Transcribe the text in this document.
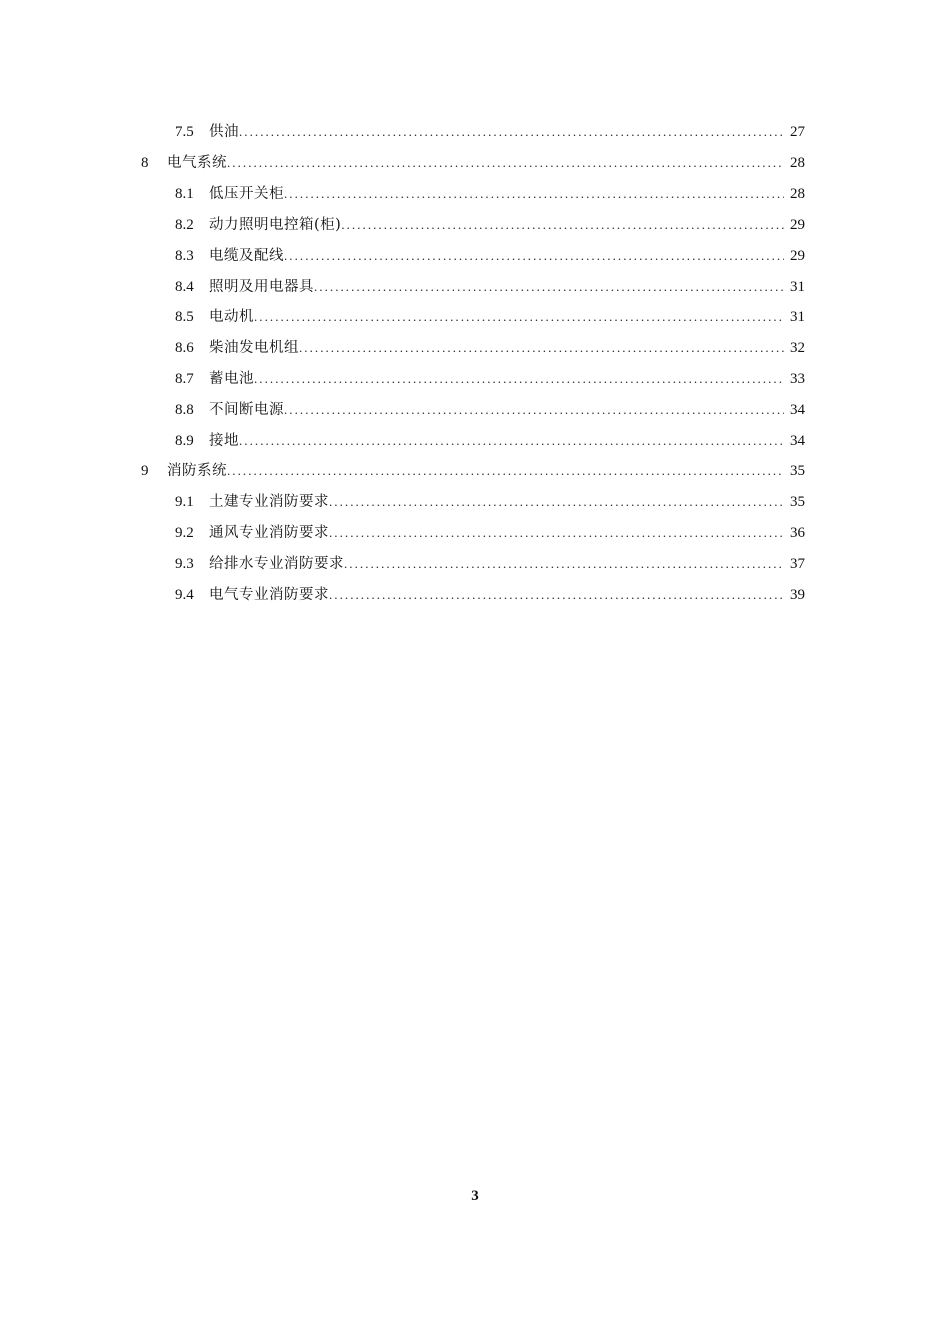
7.5	供油 . . .	27
8	电气系统 . . .	28
8.1	低压开关柜 . . .	28
8.2	动力照明电控箱(柜) . . .	29
8.3	电缆及配线 . . .	29
8.4	照明及用电器具 . . .	31
8.5	电动机 . . .	31
8.6	柴油发电机组 . . .	32
8.7	蓄电池 . . .	33
8.8	不间断电源 . . .	34
8.9	接地 . . .	34
9	消防系统 . . .	35
9.1	土建专业消防要求 . . .	35
9.2	通风专业消防要求 . . .	36
9.3	给排水专业消防要求 . . .	37
9.4	电气专业消防要求 . . .	39
3
